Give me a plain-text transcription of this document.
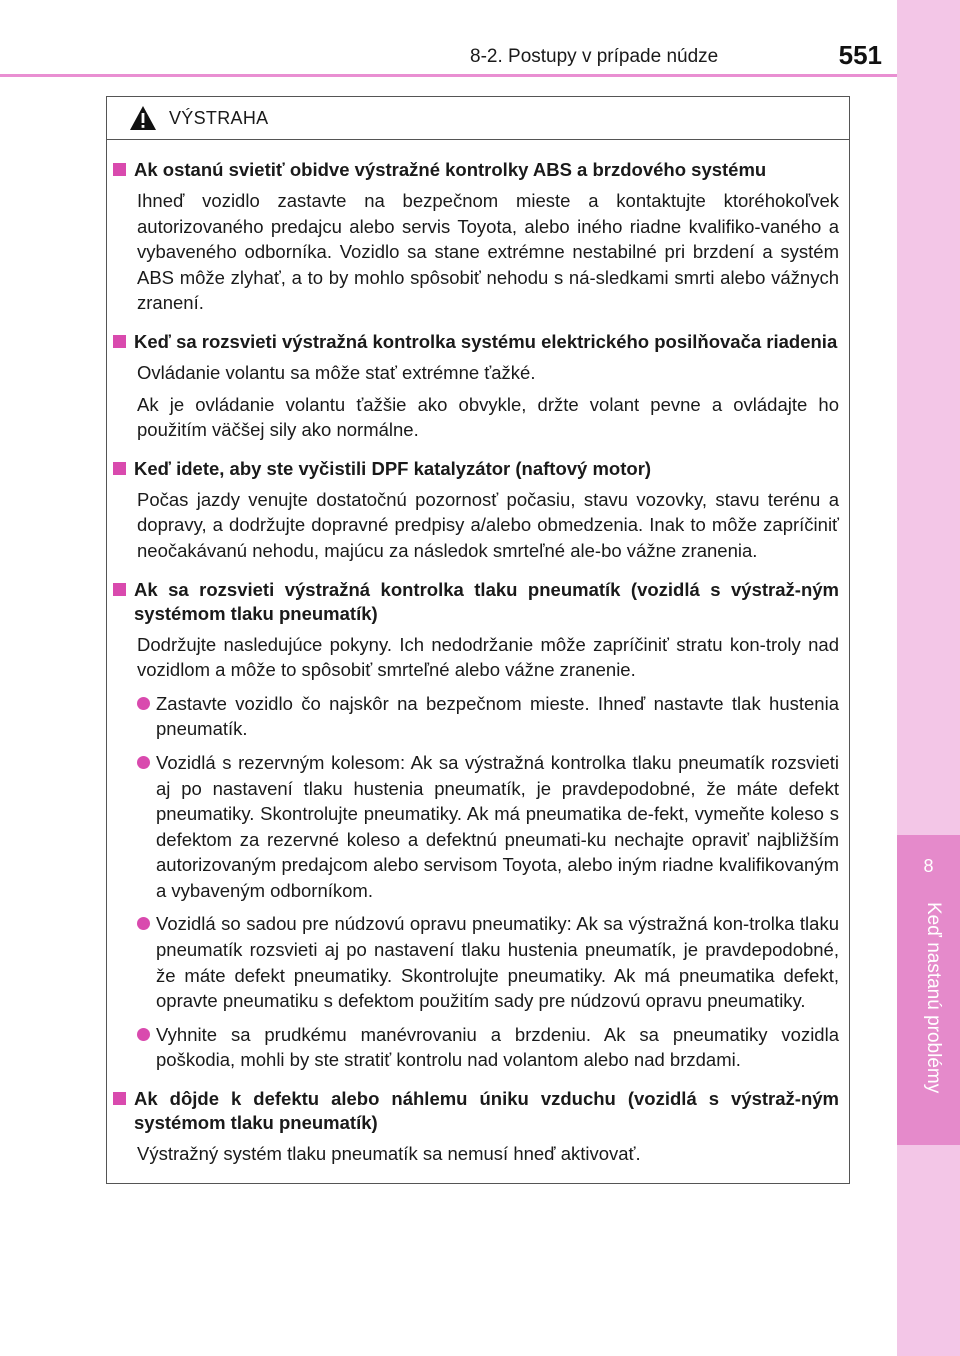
8-2. Postupy v prípade núdze	551
8
Keď nastanú problémy
VÝSTRAHA
Ak ostanú svietiť obidve výstražné kontrolky ABS a brzdového systému
Ihneď vozidlo zastavte na bezpečnom mieste a kontaktujte ktoréhokoľvek autorizovaného predajcu alebo servis Toyota, alebo iného riadne kvalifiko-vaného a vybaveného odborníka. Vozidlo sa stane extrémne nestabilné pri brzdení a systém ABS môže zlyhať, a to by mohlo spôsobiť nehodu s ná-sledkami smrti alebo vážnych zranení.
Keď sa rozsvieti výstražná kontrolka systému elektrického posilňovača riadenia
Ovládanie volantu sa môže stať extrémne ťažké.
Ak je ovládanie volantu ťažšie ako obvykle, držte volant pevne a ovládajte ho použitím väčšej sily ako normálne.
Keď idete, aby ste vyčistili DPF katalyzátor (naftový motor)
Počas jazdy venujte dostatočnú pozornosť počasiu, stavu vozovky, stavu terénu a dopravy, a dodržujte dopravné predpisy a/alebo obmedzenia. Inak to môže zapríčiniť neočakávanú nehodu, majúcu za následok smrteľné ale-bo vážne zranenia.
Ak sa rozsvieti výstražná kontrolka tlaku pneumatík (vozidlá s výstraž-ným systémom tlaku pneumatík)
Dodržujte nasledujúce pokyny. Ich nedodržanie môže zapríčiniť stratu kon-troly nad vozidlom a môže to spôsobiť smrteľné alebo vážne zranenie.
Zastavte vozidlo čo najskôr na bezpečnom mieste. Ihneď nastavte tlak hustenia pneumatík.
Vozidlá s rezervným kolesom: Ak sa výstražná kontrolka tlaku pneumatík rozsvieti aj po nastavení tlaku hustenia pneumatík, je pravdepodobné, že máte defekt pneumatiky. Skontrolujte pneumatiky. Ak má pneumatika de-fekt, vymeňte koleso s defektom za rezervné koleso a defektnú pneumati-ku nechajte opraviť najbližším autorizovaným predajcom alebo servisom Toyota, alebo iným riadne kvalifikovaným a vybaveným odborníkom.
Vozidlá so sadou pre núdzovú opravu pneumatiky: Ak sa výstražná kon-trolka tlaku pneumatík rozsvieti aj po nastavení tlaku hustenia pneumatík, je pravdepodobné, že máte defekt pneumatiky. Skontrolujte pneumatiky. Ak má pneumatika defekt, opravte pneumatiku s defektom použitím sady pre núdzovú opravu pneumatiky.
Vyhnite sa prudkému manévrovaniu a brzdeniu. Ak sa pneumatiky vozidla poškodia, mohli by ste stratiť kontrolu nad volantom alebo nad brzdami.
Ak dôjde k defektu alebo náhlemu úniku vzduchu (vozidlá s výstraž-ným systémom tlaku pneumatík)
Výstražný systém tlaku pneumatík sa nemusí hneď aktivovať.
